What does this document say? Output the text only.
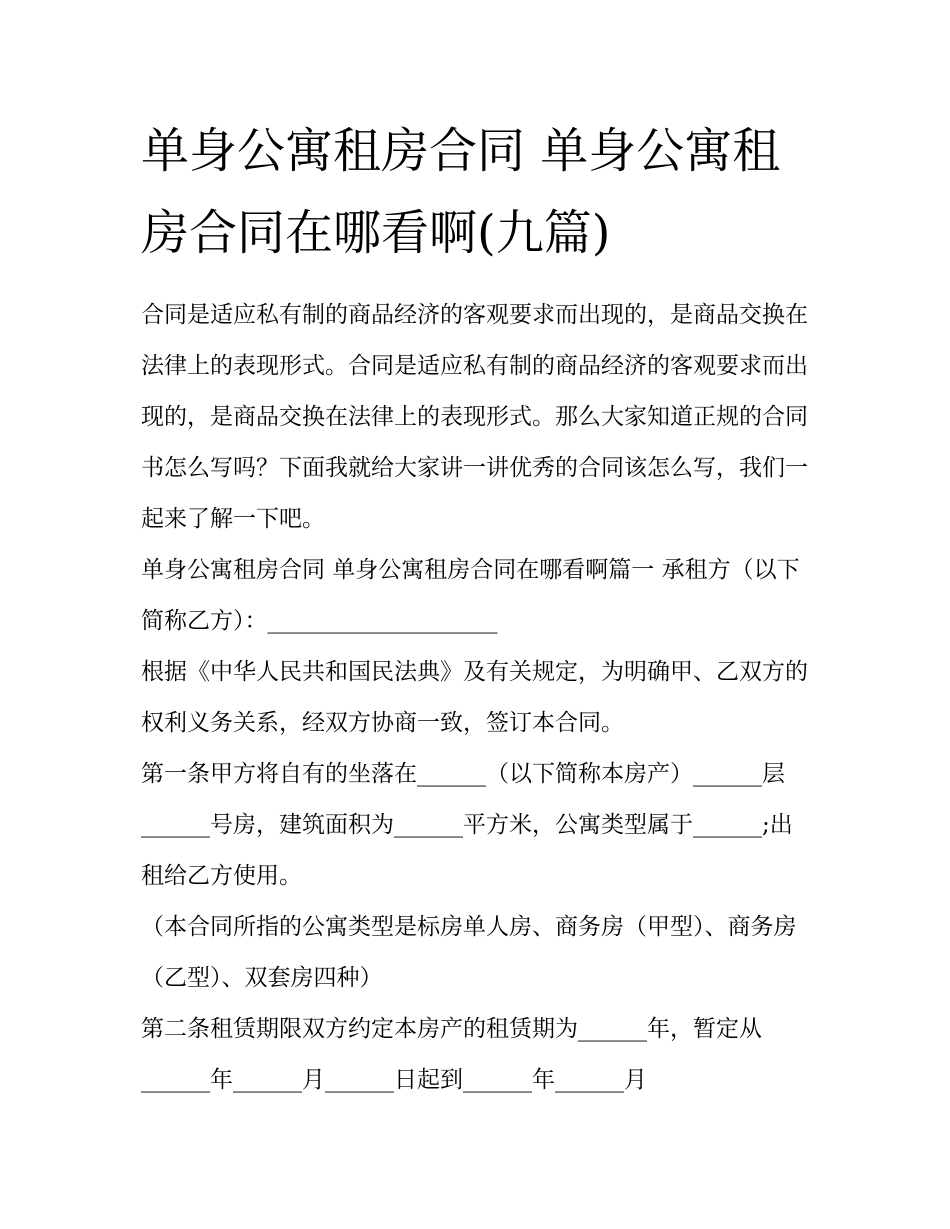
单身公寓租房合同 单身公寓租房合同在哪看啊(九篇)

合同是适应私有制的商品经济的客观要求而出现的，是商品交换在法律上的表现形式。合同是适应私有制的商品经济的客观要求而出现的，是商品交换在法律上的表现形式。那么大家知道正规的合同书怎么写吗？下面我就给大家讲一讲优秀的合同该怎么写，我们一起来了解一下吧。

单身公寓租房合同 单身公寓租房合同在哪看啊篇一 承租方（以下简称乙方）：____________________

根据《中华人民共和国民法典》及有关规定，为明确甲、乙双方的权利义务关系，经双方协商一致，签订本合同。

第一条甲方将自有的坐落在______（以下简称本房产）______层______号房，建筑面积为______平方米，公寓类型属于______;出租给乙方使用。

（本合同所指的公寓类型是标房单人房、商务房（甲型）、商务房（乙型）、双套房四种）

第二条租赁期限双方约定本房产的租赁期为______年，暂定从______年______月______日起到______年______月
